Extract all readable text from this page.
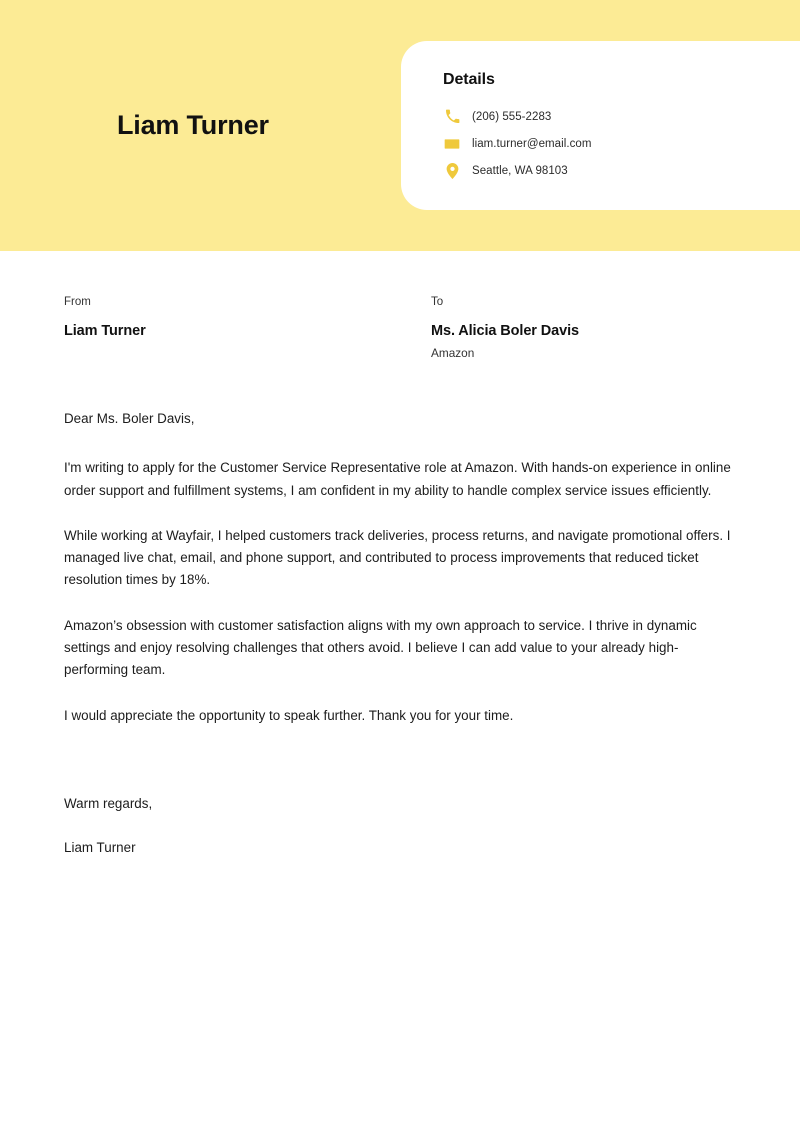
Liam Turner
Details
(206) 555-2283
liam.turner@email.com
Seattle, WA 98103
From
Liam Turner
To
Ms. Alicia Boler Davis
Amazon

Dear Ms. Boler Davis,

I'm writing to apply for the Customer Service Representative role at Amazon. With hands-on experience in online order support and fulfillment systems, I am confident in my ability to handle complex service issues efficiently.

While working at Wayfair, I helped customers track deliveries, process returns, and navigate promotional offers. I managed live chat, email, and phone support, and contributed to process improvements that reduced ticket resolution times by 18%.

Amazon’s obsession with customer satisfaction aligns with my own approach to service. I thrive in dynamic settings and enjoy resolving challenges that others avoid. I believe I can add value to your already high-performing team.

I would appreciate the opportunity to speak further. Thank you for your time.

Warm regards,

Liam Turner
